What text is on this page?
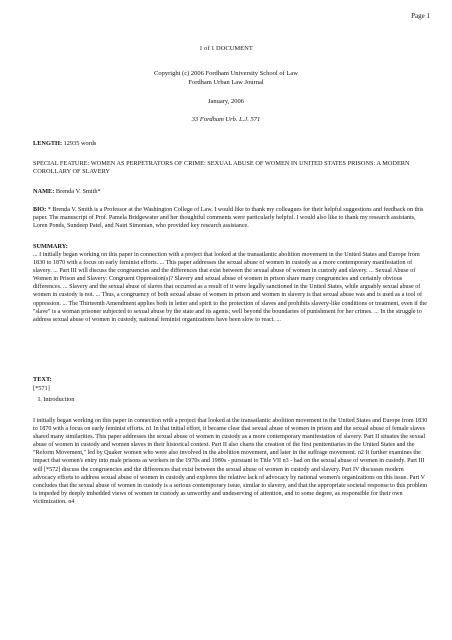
Page 1
1 of 1 DOCUMENT
Copyright (c) 2006 Fordham University School of Law
Fordham Urban Law Journal
January, 2006
33 Fordham Urb. L.J. 571
LENGTH: 12935 words
SPECIAL FEATURE: WOMEN AS PERPETRATORS OF CRIME: SEXUAL ABUSE OF WOMEN IN UNITED STATES PRISONS: A MODERN COROLLARY OF SLAVERY
NAME: Brenda V. Smith*
BIO: * Brenda V. Smith is a Professor at the Washington College of Law. I would like to thank my colleagues for their helpful suggestions and feedback on this paper. The manuscript of Prof. Pamela Bridgewater and her thoughtful comments were particularly helpful. I would also like to thank my research assistants, Loren Ponds, Sundeep Patel, and Nairi Simonian, who provided key research assistance.
SUMMARY:
... I initially began working on this paper in connection with a project that looked at the transatlantic abolition movement in the United States and Europe from 1830 to 1870 with a focus on early feminist efforts. ... This paper addresses the sexual abuse of women in custody as a more contemporary manifestation of slavery. ... Part III will discuss the congruencies and the differences that exist between the sexual abuse of women in custody and slavery. ... Sexual Abuse of Women in Prison and Slavery: Congruent Oppression(s)? Slavery and sexual abuse of women in prison share many congruencies and certainly obvious differences. ... Slavery and the sexual abuse of slaves that occurred as a result of it were legally sanctioned in the United States, while arguably sexual abuse of women in custody is not. ... Thus, a congruency of both sexual abuse of women in prison and women in slavery is that sexual abuse was and is used as a tool of oppression. ... The Thirteenth Amendment applies both in letter and spirit to the protection of slaves and prohibits slavery-like conditions or treatment, even if the "slave" is a woman prisoner subjected to sexual abuse by the state and its agents; well beyond the boundaries of punishment for her crimes. ... In the struggle to address sexual abuse of women in custody, national feminist organizations have been slow to react. ...
TEXT:
[*571]
I. Introduction
I initially began working on this paper in connection with a project that looked at the transatlantic abolition movement in the United States and Europe from 1830 to 1870 with a focus on early feminist efforts. n1 In that initial effort, it became clear that sexual abuse of women in prison and the sexual abuse of female slaves shared many similarities. This paper addresses the sexual abuse of women in custody as a more contemporary manifestation of slavery. Part II situates the sexual abuse of women in custody and women slaves in their historical context. Part II also charts the creation of the first penitentiaries in the United States and the "Reform Movement," led by Quaker women who were also involved in the abolition movement, and later in the suffrage movement. n2 It further examines the impact that women's entry into male prisons as workers in the 1970s and 1980s - pursuant to Title VII n3 - had on the sexual abuse of women in custody. Part III will [*572] discuss the congruencies and the differences that exist between the sexual abuse of women in custody and slavery. Part IV discusses modern advocacy efforts to address sexual abuse of women in custody and explores the relative lack of advocacy by national women's organizations on this issue. Part V concludes that the sexual abuse of women in custody is a serious contemporary issue, similar to slavery, and that the appropriate societal response to this problem is impeded by deeply imbedded views of women in custody as unworthy and undeserving of attention, and to some degree, as responsible for their own victimization. n4
